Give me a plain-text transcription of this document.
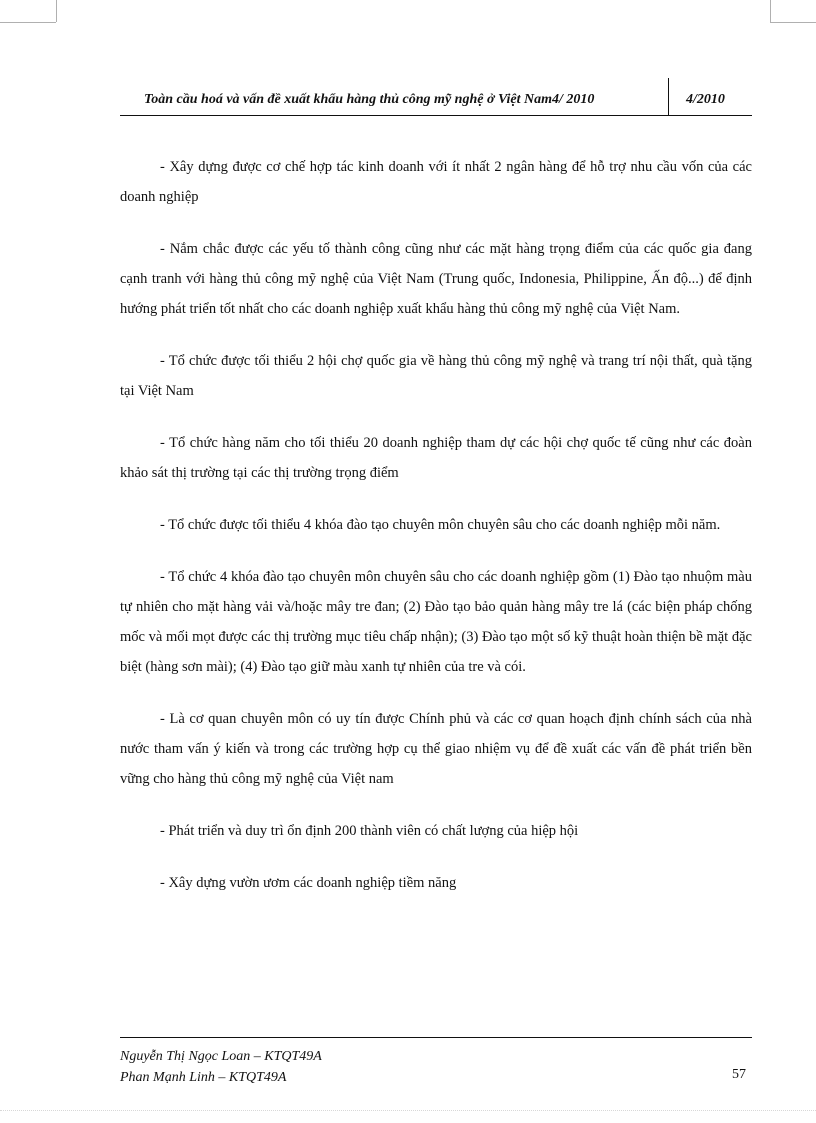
Toàn cầu hoá và vấn đề xuất khẩu hàng thủ công mỹ nghệ ở Việt Nam4/ 2010	4/2010

- Xây dựng được cơ chế hợp tác kinh doanh với ít nhất 2 ngân hàng để hỗ trợ nhu cầu vốn của các doanh nghiệp

- Nắm chắc được các yếu tố thành công cũng như các mặt hàng trọng điểm của các quốc gia đang cạnh tranh với hàng thủ công mỹ nghệ của Việt Nam (Trung quốc, Indonesia, Philippine, Ấn độ...) để định hướng phát triển tốt nhất cho các doanh nghiệp xuất khẩu hàng thủ công mỹ nghệ của Việt Nam.

- Tổ chức được tối thiểu 2 hội chợ quốc gia về hàng thủ công mỹ nghệ và trang trí nội thất, quà tặng tại Việt Nam

- Tổ chức hàng năm cho tối thiểu 20 doanh nghiệp tham dự các hội chợ quốc tế cũng như các đoàn khảo sát thị trường tại các thị trường trọng điểm

- Tổ chức được tối thiểu 4 khóa đào tạo chuyên môn chuyên sâu cho các doanh nghiệp mỗi năm.

- Tổ chức 4 khóa đào tạo chuyên môn chuyên sâu cho các doanh nghiệp gồm (1) Đào tạo nhuộm màu tự nhiên cho mặt hàng vải và/hoặc mây tre đan; (2) Đào tạo bảo quản hàng mây tre lá (các biện pháp chống mốc và mối mọt được các thị trường mục tiêu chấp nhận); (3) Đào tạo một số kỹ thuật hoàn thiện bề mặt đặc biệt (hàng sơn mài); (4) Đào tạo giữ màu xanh tự nhiên của tre và cói.

- Là cơ quan chuyên môn có uy tín được Chính phủ và các cơ quan hoạch định chính sách của nhà nước tham vấn ý kiến và trong các trường hợp cụ thể giao nhiệm vụ để đề xuất các vấn đề phát triển bền vững cho hàng thủ công mỹ nghệ của Việt nam

- Phát triển và duy trì ổn định 200 thành viên có chất lượng của hiệp hội

- Xây dựng vườn ươm các doanh nghiệp tiềm năng

Nguyễn Thị Ngọc Loan – KTQT49A
Phan Mạnh Linh – KTQT49A	57
